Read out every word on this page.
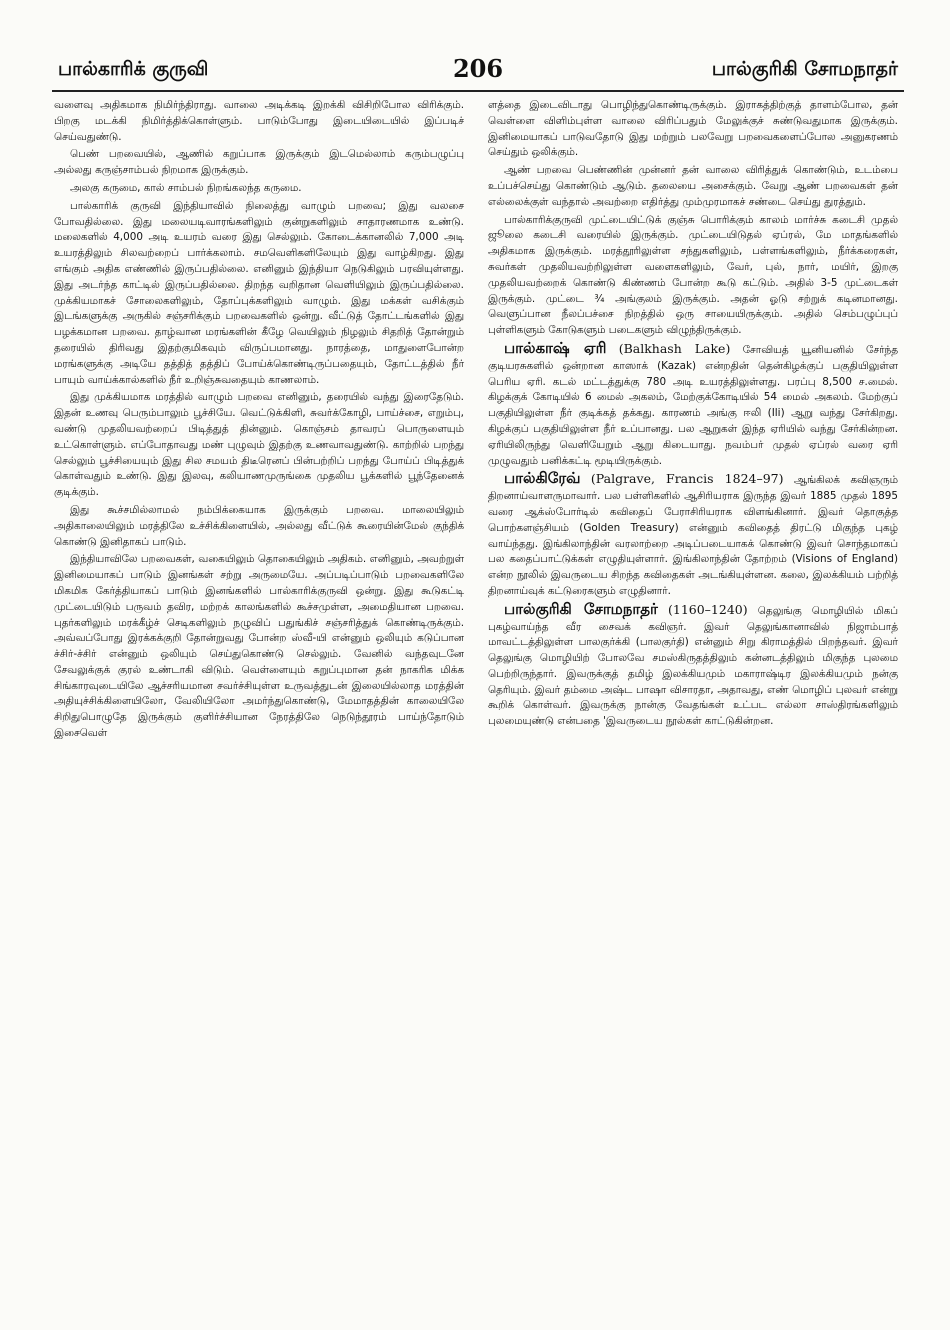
பால்காரிக் குருவி	206	பால்குரிகி சோமநாதர்

வளைவு அதிகமாக நிமிர்ந்திராது. வாலை அடிக்கடி இறக்கி விசிறிபோல விரிக்கும். பிறகு மடக்கி நிமிர்த்திக்கொள்ளும். பாடும்போது இடையிடையில் இப்படிச் செய்வதுண்டு.

பெண் பறவையில், ஆணில் கறுப்பாக இருக்கும் இடமெல்லாம் கரும்பழுப்பு அல்லது கருஞ்சாம்பல் நிறமாக இருக்கும்.

அலகு கருமை, கால் சாம்பல் நிறங்கலந்த கருமை.

பால்காரிக் குருவி இந்தியாவில் நிலைத்து வாழும் பறவை; இது வலசை போவதில்லை. இது மலையடிவாரங்களிலும் குன்றுகளிலும் சாதாரணமாக உண்டு. மலைகளில் 4,000 அடி உயரம் வரை இது செல்லும். கோடைக்கானலில் 7,000 அடி உயரத்திலும் சிலவற்றைப் பார்க்கலாம். சமவெளிகளிலேயும் இது வாழ்கிறது. இது எங்கும் அதிக எண்ணில் இருப்பதில்லை. எனினும் இந்தியா நெடுகிலும் பரவியுள்ளது. இது அடர்ந்த காட்டில் இருப்பதில்லை. திறந்த வறிதான வெளியிலும் இருப்பதில்லை. முக்கியமாகச் சோலைகளிலும், தோப்புக்களிலும் வாழும். இது மக்கள் வசிக்கும் இடங்களுக்கு அருகில் சஞ்சரிக்கும் பறவைகளில் ஒன்று. வீட்டுத் தோட்டங்களில் இது பழக்கமான பறவை. தாழ்வான மரங்களின் கீழே வெயிலும் நிழலும் சிதறித் தோன்றும் தரையில் திரிவது இதற்குமிகவும் விருப்பமானது. நாரத்தை, மாதுளைபோன்ற மரங்களுக்கு அடியே தத்தித் தத்திப் போய்க்கொண்டிருப்பதையும், தோட்டத்தில் நீர் பாயும் வாய்க்கால்களில் நீர் உறிஞ்சுவதையும் காணலாம்.

இது முக்கியமாக மரத்தில் வாழும் பறவை எனினும், தரையில் வந்து இரைதேடும். இதன் உணவு பெரும்பாலும் பூச்சியே. வெட்டுக்கிளி, சுவர்க்கோழி, பாய்ச்சை, எறும்பு, வண்டு முதலியவற்றைப் பிடித்துத் தின்னும். கொஞ்சம் தாவரப் பொருளையும் உட்கொள்ளும். எப்போதாவது மண் புழுவும் இதற்கு உணவாவதுண்டு. காற்றில் பறந்து செல்லும் பூச்சியையும் இது சில சமயம் திடீரெனப் பின்பற்றிப் பறந்து போய்ப் பிடித்துக் கொள்வதும் உண்டு. இது இலவு, கலியாணமுருங்கை முதலிய பூக்களில் பூந்தேனைக் குடிக்கும்.

இது கூச்சமில்லாமல் நம்பிக்கையாக இருக்கும் பறவை. மாலையிலும் அதிகாலையிலும் மரத்திலே உச்சிக்கிளையில், அல்லது வீட்டுக் கூரையின்மேல் குந்திக் கொண்டு இனிதாகப் பாடும்.

இந்தியாவிலே பறவைகள், வகையிலும் தொகையிலும் அதிகம். எனினும், அவற்றுள் இனிமையாகப் பாடும் இனங்கள் சற்று அருமையே. அப்படிப்பாடும் பறவைகளிலே மிகமிக கேர்த்தியாகப் பாடும் இனங்களில் பால்காரிக்குருவி ஒன்று. இது கூடுகட்டி முட்டையிடும் பருவம் தவிர, மற்றக் காலங்களில் கூச்சமுள்ள, அமைதியான பறவை. புதர்களிலும் மரக்கீழ்ச் செடிகளிலும் நழுவிப் பதுங்கிச் சஞ்சரித்துக் கொண்டிருக்கும். அவ்வப்போது இரக்கக்குறி தோன்றுவது போன்ற ஸ்வீ-யி என்னும் ஒலியும் கடுப்பான ச்சிர்-ச்சிர் என்னும் ஒலியும் செய்துகொண்டு செல்லும். வேனில் வந்தவுடனே சேவலுக்குக் குரல் உண்டாகி விடும். வெள்ளையும் கறுப்புமான தன் நாகரிக மிக்க சிங்காரவுடையிலே ஆச்சரியமான சவர்ச்சியுள்ள உருவத்துடன் இலையில்லாத மரத்தின் அதியுச்சிக்கிளையிலோ, வேலியிலோ அமர்ந்துகொண்டு, மேமாதத்தின் காலையிலே சிறிதுபொழுதே இருக்கும் குளிர்ச்சியான நேரத்திலே நெடுந்தூரம் பாய்ந்தோடும் இசைவெள்

ளத்தை இடைவிடாது பொழிந்துகொண்டிருக்கும். இராகத்திற்குத் தாளம்போல, தன் வெள்ளை விளிம்புள்ள வாலை விரிப்பதும் மேலுக்குச் சுண்டுவதுமாக இருக்கும். இனிமையாகப் பாடுவதோடு இது மற்றும் பலவேறு பறவைகளைப்போல அனுகரணம் செய்தும் ஒலிக்கும்.

ஆண் பறவை பெண்ணின் முன்னர் தன் வாலை விரித்துக் கொண்டும், உடம்பை உப்பச்செய்து கொண்டும் ஆடும். தலையை அசைக்கும். வேறு ஆண் பறவைகள் தன் எல்லைக்குள் வந்தால் அவற்றை எதிர்த்து மும்முரமாகச் சண்டை செய்து துரத்தும்.

பால்காரிக்குருவி முட்டையிட்டுக் குஞ்சு பொரிக்கும் காலம் மார்ச்சு கடைசி முதல் ஜூலை கடைசி வரையில் இருக்கும். முட்டையிடுதல் ஏப்ரல், மே மாதங்களில் அதிகமாக இருக்கும். மரத்தூரிலுள்ள சந்துகளிலும், பள்ளங்களிலும், நீர்க்கரைகள், சுவர்கள் முதலியவற்றிலுள்ள வளைகளிலும், வேர், புல், நார், மயிர், இறகு முதலியவற்றைக் கொண்டு கிண்ணம் போன்ற கூடு கட்டும். அதில் 3-5 முட்டைகள் இருக்கும். முட்டை ¾ அங்குலம் இருக்கும். அதன் ஓடு சற்றுக் கடினமானது. வெளுப்பான நீலப்பச்சை நிறத்தில் ஒரு சாயையிருக்கும். அதில் செம்பழுப்புப் புள்ளிகளும் கோடுகளும் படைகளும் விழுந்திருக்கும்.

பால்காஷ் ஏரி (Balkhash Lake) சோவியத் யூனியனில் சேர்ந்த குடியரசுகளில் ஒன்றான காஸாக் (Kazak) என்றதின் தென்கிழக்குப் பகுதியிலுள்ள பெரிய ஏரி. கடல் மட்டத்துக்கு 780 அடி உயரத்திலுள்ளது. பரப்பு 8,500 ச.மைல். கிழக்குக் கோடியில் 6 மைல் அகலம், மேற்குக்கோடியில் 54 மைல் அகலம். மேற்குப் பகுதியிலுள்ள நீர் குடிக்கத் தக்கது. காரணம் அங்கு ஈலி (Ili) ஆறு வந்து சேர்கிறது. கிழக்குப் பகுதியிலுள்ள நீர் உப்பானது. பல ஆறுகள் இந்த ஏரியில் வந்து சேர்கின்றன. ஏரியிலிருந்து வெளியேறும் ஆறு கிடையாது. நவம்பர் முதல் ஏப்ரல் வரை ஏரி முழுவதும் பனிக்கட்டி மூடியிருக்கும்.

பால்கிரேவ் (Palgrave, Francis 1824–97) ஆங்கிலக் கவிஞரும் திறனாய்வாளருமாவார். பல பள்ளிகளில் ஆசிரியராக இருந்த இவர் 1885 முதல் 1895 வரை ஆக்ஸ்போர்டில் கவிதைப் பேராசிரியராக விளங்கினார். இவர் தொகுத்த பொற்களஞ்சியம் (Golden Treasury) என்னும் கவிதைத் திரட்டு மிகுந்த புகழ் வாய்ந்தது. இங்கிலாந்தின் வரலாற்றை அடிப்படையாகக் கொண்டு இவர் சொந்தமாகப் பல கதைப்பாட்டுக்கள் எழுதியுள்ளார். இங்கிலாந்தின் தோற்றம் (Visions of England) என்ற நூலில் இவருடைய சிறந்த கவிதைகள் அடங்கியுள்ளன. கலை, இலக்கியம் பற்றித் திறனாய்வுக் கட்டுரைகளும் எழுதினார்.

பால்குரிகி சோமநாதர் (1160–1240) தெலுங்கு மொழியில் மிகப் புகழ்வாய்ந்த வீர சைவக் கவிஞர். இவர் தெலுங்கானாவில் நிஜாம்பாத் மாவட்டத்திலுள்ள பாலகுர்க்கி (பாலகுர்தி) என்னும் சிறு கிராமத்தில் பிறந்தவர். இவர் தெலுங்கு மொழியிற் போலவே சமஸ்கிருதத்திலும் கன்னடத்திலும் மிகுந்த புலமை பெற்றிருந்தார். இவருக்குத் தமிழ் இலக்கியமும் மகாராஷ்டிர இலக்கியமும் நன்கு தெரியும். இவர் தம்மை அஷ்ட பாஷா விசாரதா, அதாவது, எண் மொழிப் புலவர் என்று கூறிக் கொள்வர். இவருக்கு நான்கு வேதங்கள் உட்பட எல்லா சாஸ்திரங்களிலும் புலமையுண்டு என்பதை 'இவருடைய நூல்கள் காட்டுகின்றன.
